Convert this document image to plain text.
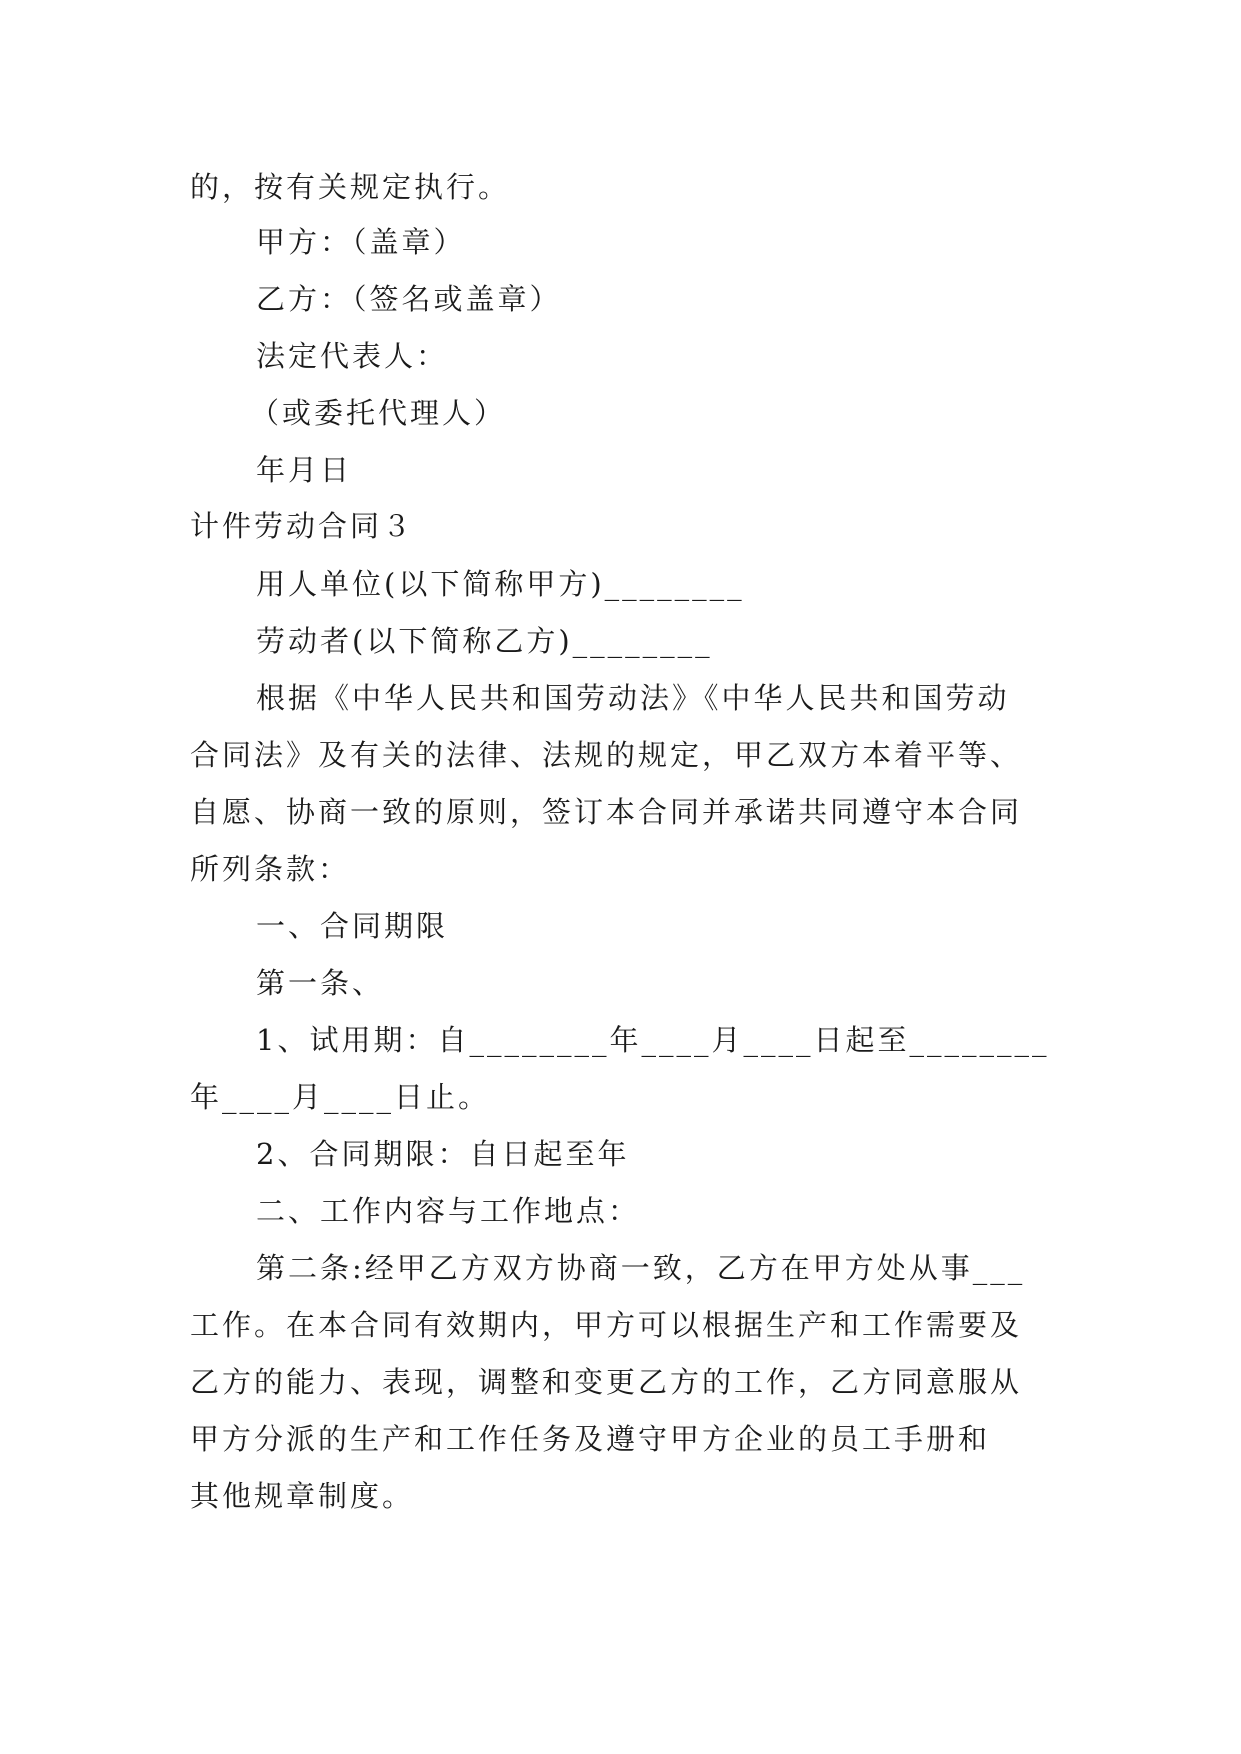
的，按有关规定执行。
甲方：（盖章）
乙方：（签名或盖章）
法定代表人：
（或委托代理人）
年月日
计件劳动合同３
用人单位(以下简称甲方)________
劳动者(以下简称乙方)________
根据《中华人民共和国劳动法》《中华人民共和国劳动
合同法》及有关的法律、法规的规定，甲乙双方本着平等、
自愿、协商一致的原则，签订本合同并承诺共同遵守本合同
所列条款：
一、合同期限
第一条、
1、试用期：自________年____月____日起至________
年____月____日止。
2、合同期限：自日起至年
二、工作内容与工作地点：
第二条:经甲乙方双方协商一致，乙方在甲方处从事___
工作。在本合同有效期内，甲方可以根据生产和工作需要及
乙方的能力、表现，调整和变更乙方的工作，乙方同意服从
甲方分派的生产和工作任务及遵守甲方企业的员工手册和
其他规章制度。
